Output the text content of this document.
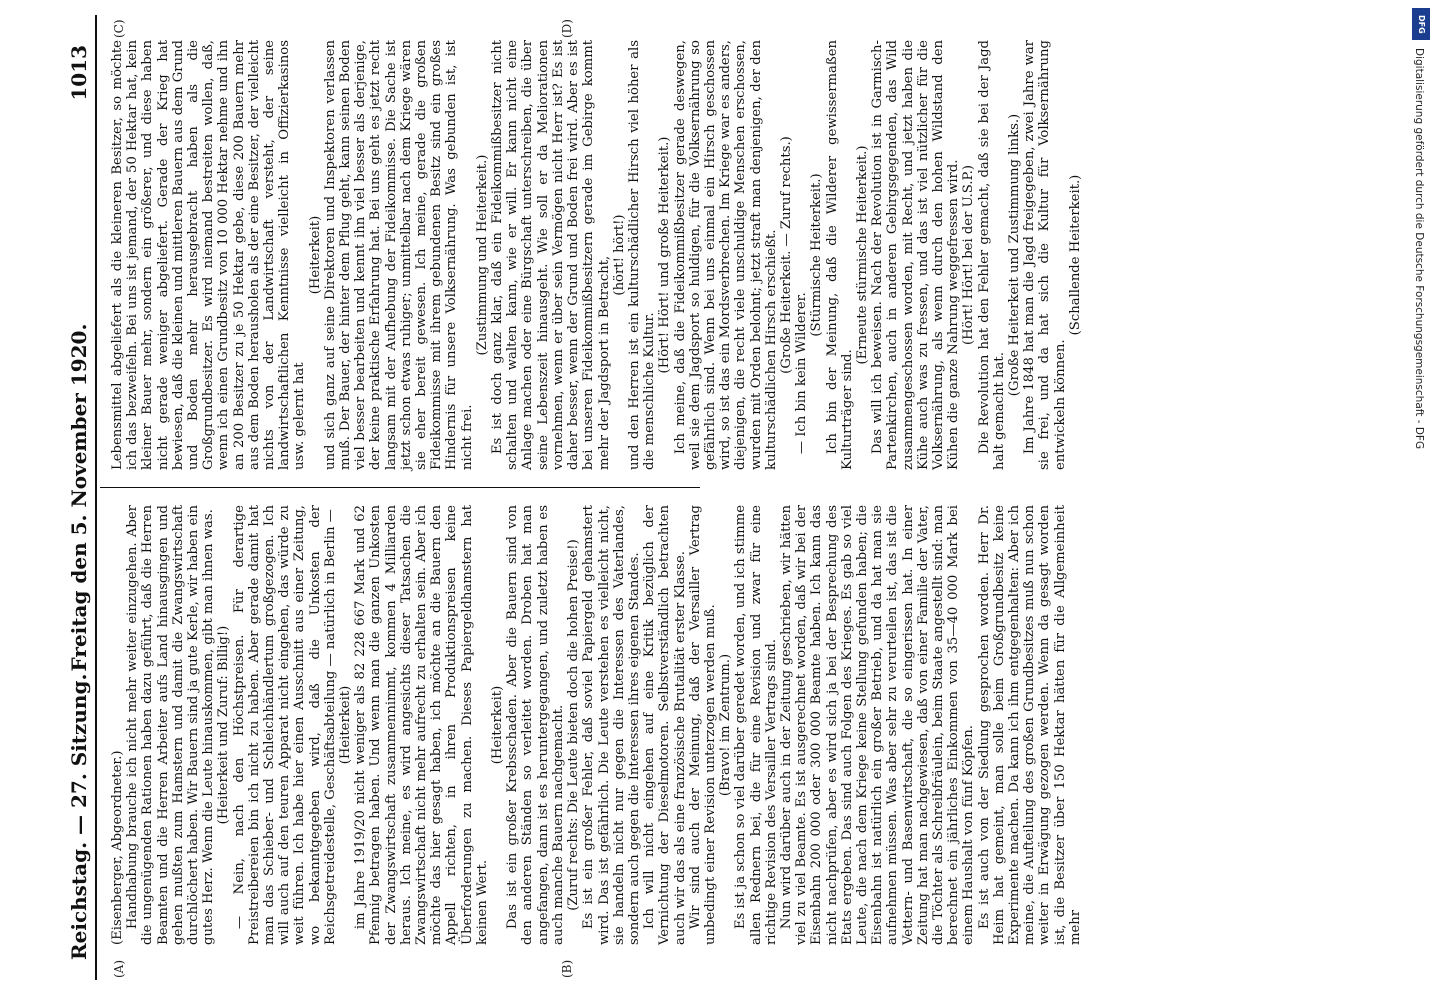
Reichstag. — 27. Sitzung.
Freitag den 5. November 1920.
1013
(A)	(B)
(C)	(D)

(Eisenberger, Abgeordneter.) Handhabung brauche ich nicht mehr weiter einzugehen. Aber die ungenügenden Rationen haben dazu geführt, daß die Herren Beamten und die Herren Arbeiter aufs Land hinausgingen und gehen mußten zum Hamstern und damit die Zwangswirtschaft durchlöchert haben. Wir Bauern sind ja gute Kerle, wir haben ein gutes Herz. Wenn die Leute hinauskommen, gibt man ihnen was. (Heiterkeit und Zuruf: Billig!) — Nein, nach den Höchstpreisen. Für derartige Preistreibereien bin ich nicht zu haben. Aber gerade damit hat man das Schieber- und Schleichhändlertum großgezogen. Ich will auch auf den teuren Apparat nicht eingehen, das würde zu weit führen. Ich habe hier einen Ausschnitt aus einer Zeitung, wo bekanntgegeben wird, daß die Unkosten der Reichsgetreidestelle, Geschäftsabteilung — natürlich in Berlin — (Heiterkeit) im Jahre 1919/20 nicht weniger als 82 228 667 Mark und 62 Pfennig betragen haben. Und wenn man die ganzen Unkosten der Zwangswirtschaft zusammennimmt, kommen 4 Milliarden heraus. Ich meine, es wird angesichts dieser Tatsachen die Zwangswirtschaft nicht mehr aufrecht zu erhalten sein. Aber ich möchte das hier gesagt haben, ich möchte an die Bauern den Appell richten, in ihren Produktionspreisen keine Überforderungen zu machen. Dieses Papiergeldhamstern hat keinen Wert.

(Heiterkeit) Das ist ein großer Krebsschaden. Aber die Bauern sind von den anderen Ständen so verleitet worden. Droben hat man angefangen, dann ist es heruntergegangen, und zuletzt haben es auch manche Bauern nachgemacht. (Zuruf rechts: Die Leute bieten doch die hohen Preise!) Es ist ein großer Fehler, daß soviel Papiergeld gehamstert wird. Das ist gefährlich. Die Leute verstehen es vielleicht nicht, sie handeln nicht nur gegen die Interessen des Vaterlandes, sondern auch gegen die Interessen ihres eigenen Standes. Ich will nicht eingehen auf eine Kritik bezüglich der Vernichtung der Dieselmotoren. Selbstverständlich betrachten auch wir das als eine französische Brutalität erster Klasse. Wir sind auch der Meinung, daß der Versailler Vertrag unbedingt einer Revision unterzogen werden muß. (Bravo! im Zentrum.) Es ist ja schon so viel darüber geredet worden, und ich stimme allen Rednern bei, die für eine Revision und zwar für eine richtige Revision des Versailler Vertrags sind. Nun wird darüber auch in der Zeitung geschrieben, wir hätten viel zu viel Beamte. Es ist ausgerechnet worden, daß wir bei der Eisenbahn 200 000 oder 300 000 Beamte haben. Ich kann das nicht nachprüfen, aber es wird sich ja bei der Besprechung des Etats ergeben. Das sind auch Folgen des Krieges. Es gab so viel Leute, die nach dem Kriege keine Stellung gefunden haben; die Eisenbahn ist natürlich ein großer Betrieb, und da hat man sie aufnehmen müssen. Was aber sehr zu verurteilen ist, das ist die Vettern- und Basenwirtschaft, die so eingerissen hat. In einer Zeitung hat man nachgewiesen, daß von einer Familie der Vater, die Töchter als Schreibfräulein, beim Staate angestellt sind: man berechnet ein jährliches Einkommen von 35—40 000 Mark bei einem Haushalt von fünf Köpfen. Es ist auch von der Siedlung gesprochen worden. Herr Dr. Heim hat gemeint, man solle beim Großgrundbesitz keine Experimente machen. Da kann ich ihm entgegenhalten: Aber ich meine, die Aufteilung des großen Grundbesitzes muß nun schon weiter in Erwägung gezogen werden. Wenn da gesagt worden ist, die Besitzer über 150 Hektar hätten für die Allgemeinheit mehr

Lebensmittel abgeliefert als die kleineren Besitzer, so möchte ich das bezweifeln. Bei uns ist jemand, der 50 Hektar hat, kein kleiner Bauer mehr, sondern ein größerer, und diese haben nicht gerade weniger abgeliefert. Gerade der Krieg hat bewiesen, daß die kleinen und mittleren Bauern aus dem Grund und Boden mehr herausgebracht haben als die Großgrundbesitzer. Es wird niemand bestreiten wollen, daß, wenn ich einen Grundbesitz von 10 000 Hektar nehme und ihn an 200 Besitzer zu je 50 Hektar gebe, diese 200 Bauern mehr aus dem Boden herausholen als der eine Besitzer, der vielleicht nichts von der Landwirtschaft versteht, der seine landwirtschaftlichen Kenntnisse vielleicht in Offizierkasinos usw. gelernt hat

(Heiterkeit) und sich ganz auf seine Direktoren und Inspektoren verlassen muß. Der Bauer, der hinter dem Pflug geht, kann seinen Boden viel besser bearbeiten und kennt ihn viel besser als derjenige, der keine praktische Erfahrung hat. Bei uns geht es jetzt recht langsam mit der Aufhebung der Fideikommisse. Die Sache ist jetzt schon etwas ruhiger; unmittelbar nach dem Kriege wären sie eher bereit gewesen. Ich meine, gerade die großen Fideikommisse mit ihrem gebundenen Besitz sind ein großes Hindernis für unsere Volksernährung. Was gebunden ist, ist nicht frei.

(Zustimmung und Heiterkeit.) Es ist doch ganz klar, daß ein Fideikommißbesitzer nicht schalten und walten kann, wie er will. Er kann nicht eine Anlage machen oder eine Bürgschaft unterschreiben, die über seine Lebenszeit hinausgeht. Wie soll er da Meliorationen vornehmen, wenn er über sein Vermögen nicht Herr ist? Es ist daher besser, wenn der Grund und Boden frei wird. Aber es ist bei unseren Fideikommißbesitzern gerade im Gebirge kommt mehr der Jagdsport in Betracht,

(hört! hört!) und den Herren ist ein kulturschädlicher Hirsch viel höher als die menschliche Kultur.

(Hört! Hört! und große Heiterkeit.) Ich meine, daß die Fideikommißbesitzer gerade deswegen, weil sie dem Jagdsport so huldigen, für die Volksernährung so gefährlich sind. Wenn bei uns einmal ein Hirsch geschossen wird, so ist das ein Mordsverbrechen. Im Kriege war es anders, diejenigen, die recht viele unschuldige Menschen erschossen, wurden mit Orden belohnt; jetzt straft man denjenigen, der den kulturschädlichen Hirsch erschießt. (Große Heiterkeit. — Zuruf rechts.) — Ich bin kein Wilderer.

(Stürmische Heiterkeit.) Ich bin der Meinung, daß die Wilderer gewissermaßen Kulturträger sind.

(Erneute stürmische Heiterkeit.) Das will ich beweisen. Nach der Revolution ist in Garmisch-Partenkirchen, auch in anderen Gebirgsgegenden, das Wild zusammengeschossen worden, mit Recht, und jetzt haben die Kühe auch was zu fressen, und das ist viel nützlicher für die Volksernährung, als wenn durch den hohen Wildstand den Kühen die ganze Nahrung weggefressen wird. (Hört! Hört! bei der U.S.P.) Die Revolution hat den Fehler gemacht, daß sie bei der Jagd halt gemacht hat.

(Große Heiterkeit und Zustimmung links.) Im Jahre 1848 hat man die Jagd freigegeben, zwei Jahre war sie frei, und da hat sich die Kultur für Volksernährung entwickeln können.

(Schallende Heiterkeit.)

DFG
Digitalisierung gefördert durch die Deutsche Forschungsgemeinschaft - DFG
